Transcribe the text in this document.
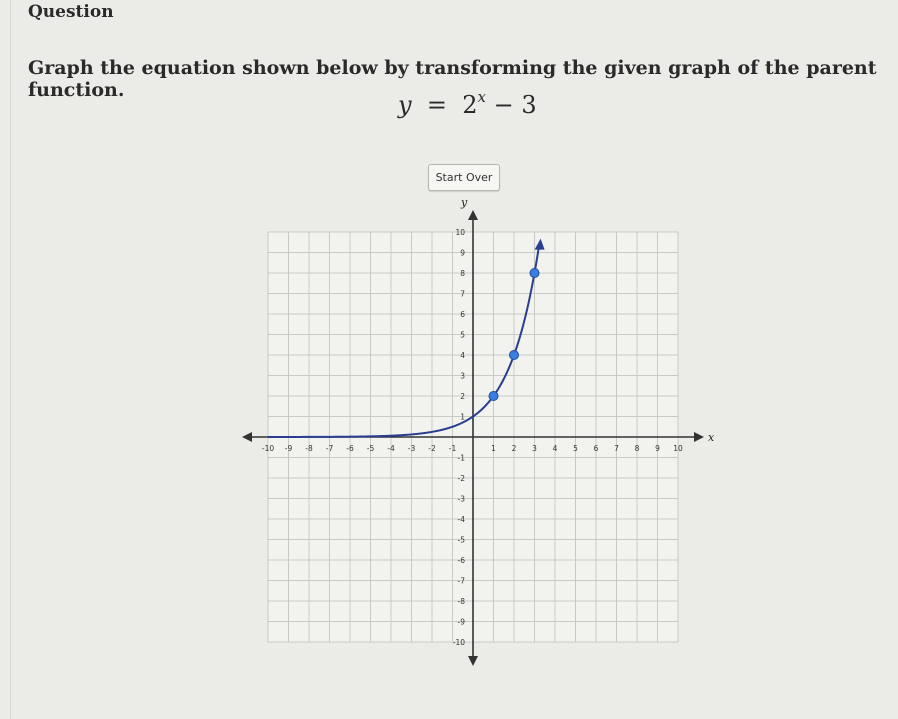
Question
Graph the equation shown below by transforming the given graph of the parent function.
$y = 2^x - 3$
Start Over
x
y
-10 -9 -8 -7 -6 -5 -4 -3 -2 -1	1 2 3 4 5 6 7 8 9 10
10
9
8
7
6
5
4
3
2
1
-1
-2
-3
-4
-5
-6
-7
-8
-9
-10
